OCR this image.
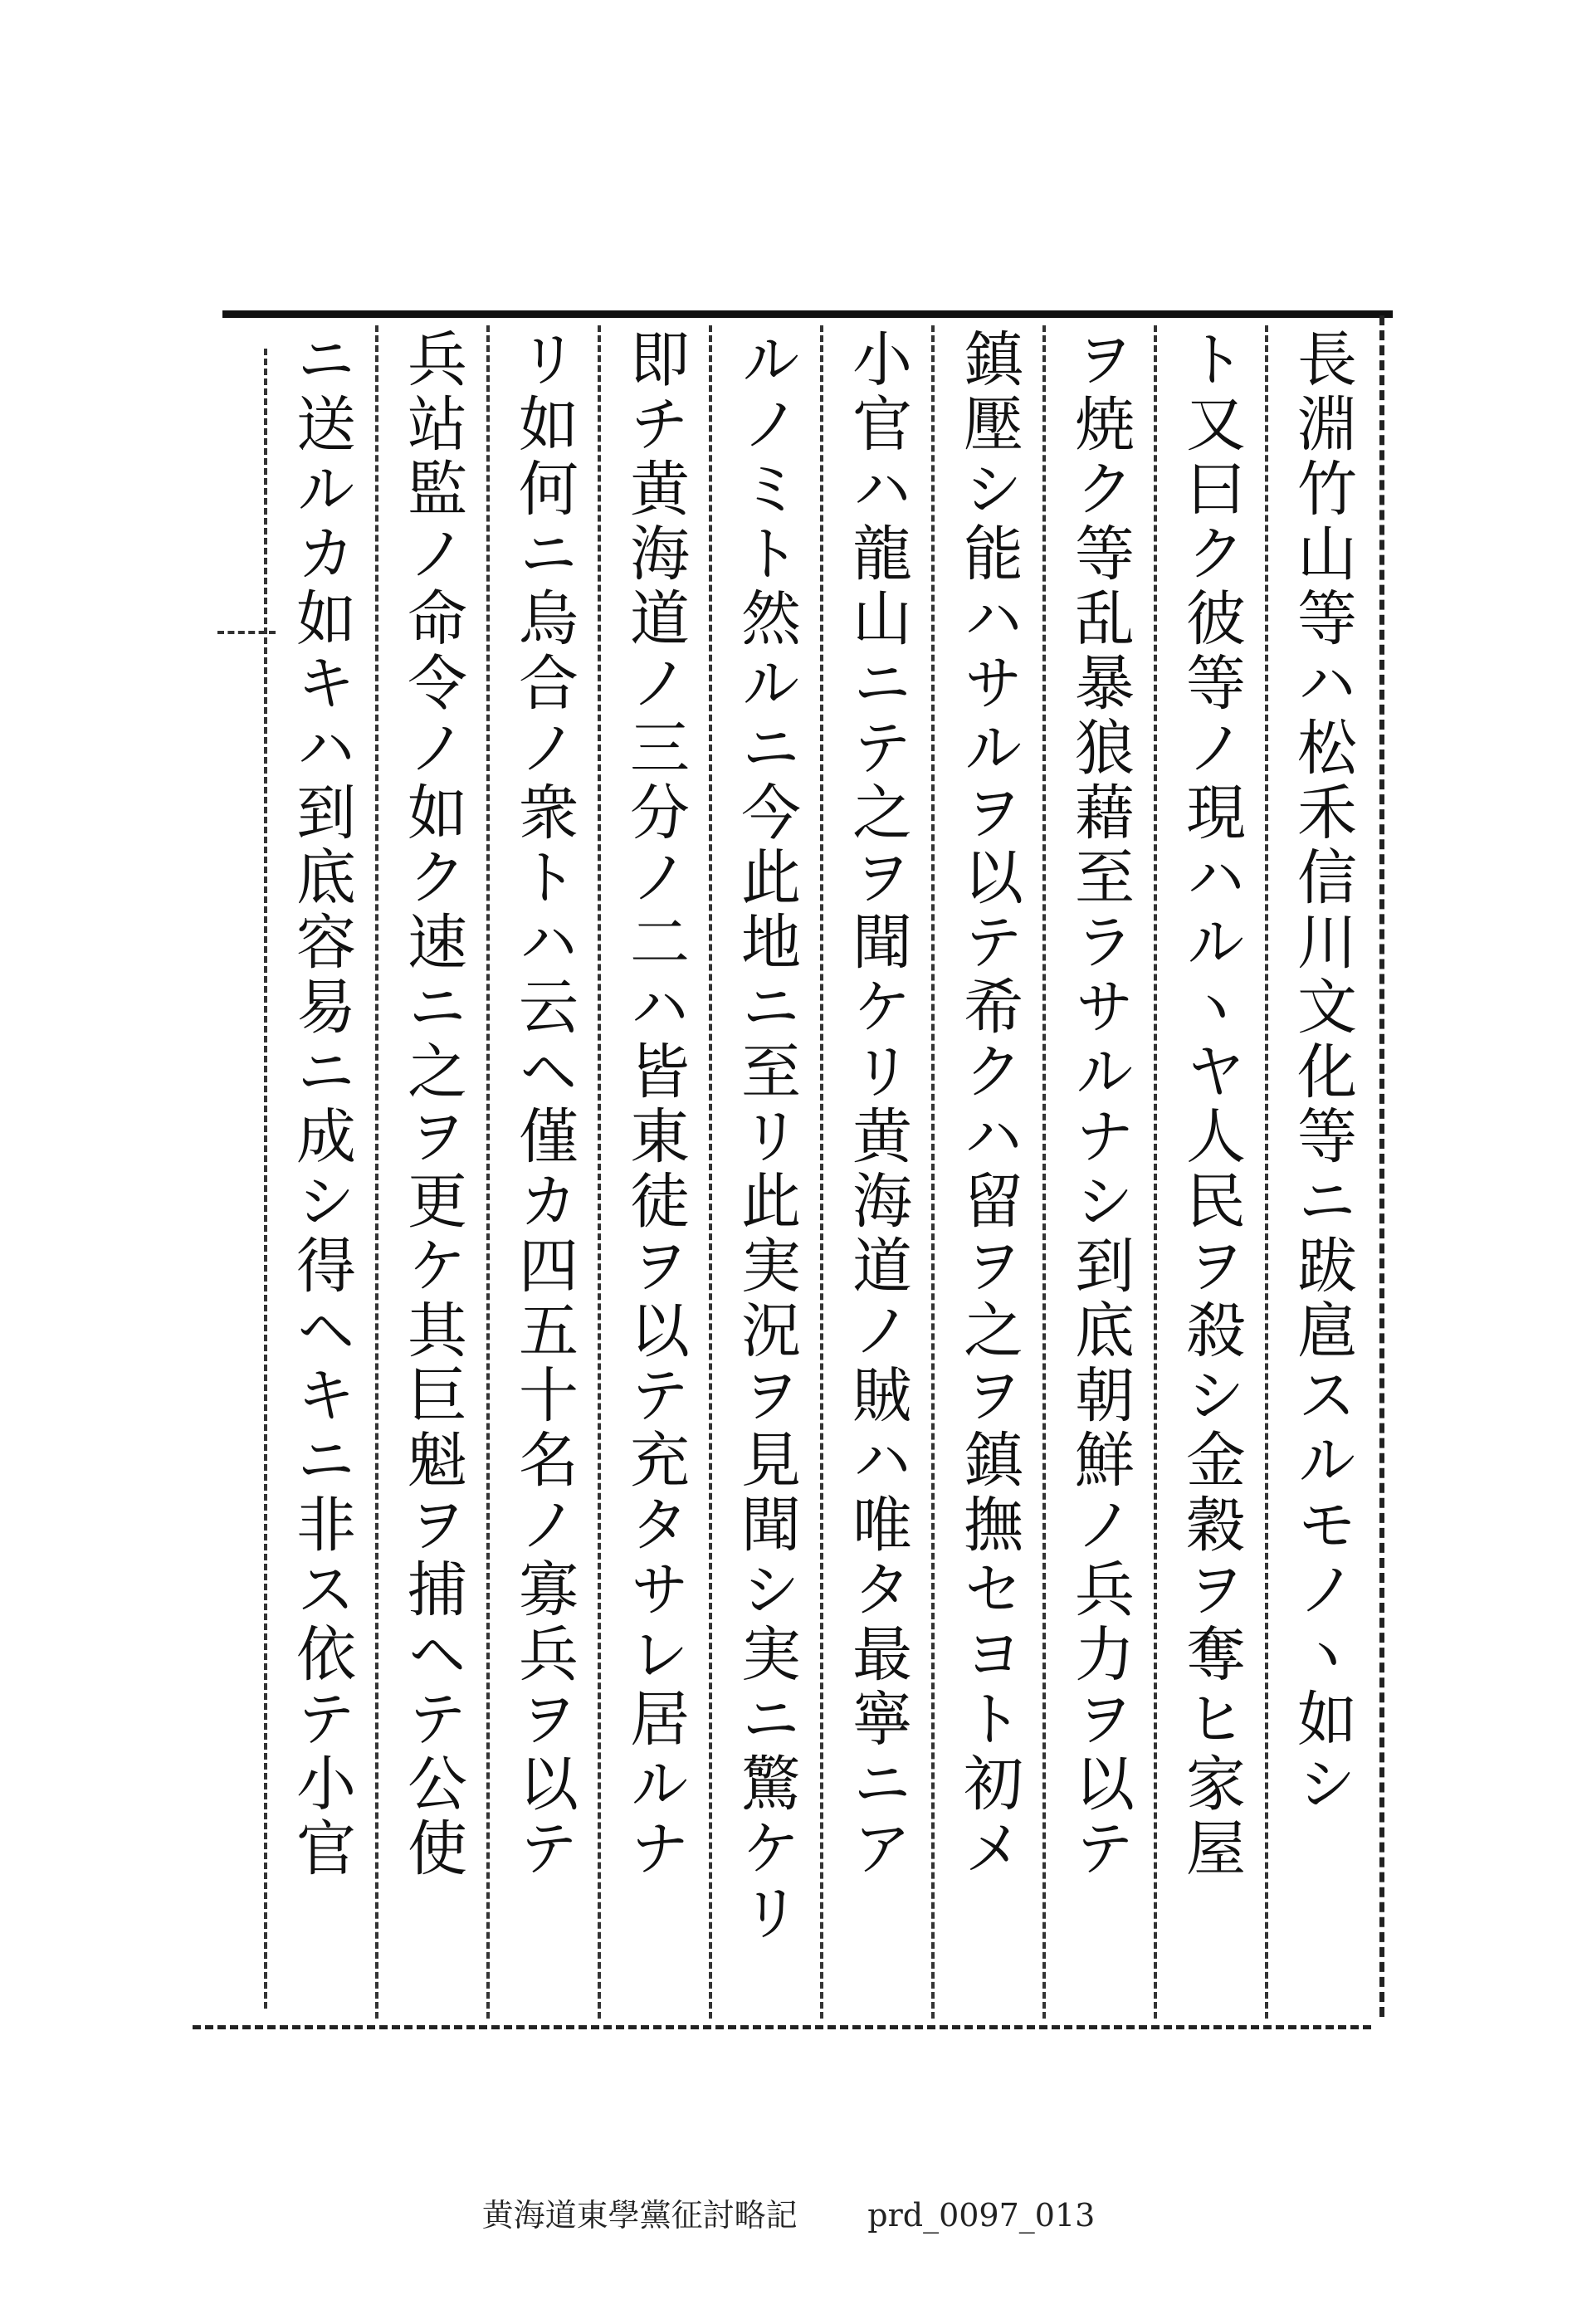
長淵竹山等ハ松禾信川文化等ニ跋扈スルモノヽ如シ
ト又曰ク彼等ノ現ハルヽヤ人民ヲ殺シ金穀ヲ奪ヒ家屋
ヲ焼ク等乱暴狼藉至ラサルナシ到底朝鮮ノ兵力ヲ以テ
鎮壓シ能ハサルヲ以テ希クハ留ヲ之ヲ鎮撫セヨト初メ
小官ハ龍山ニテ之ヲ聞ケリ黄海道ノ賊ハ唯タ最寧ニア
ルノミト然ルニ今此地ニ至リ此実況ヲ見聞シ実ニ驚ケリ
即チ黄海道ノ三分ノ二ハ皆東徒ヲ以テ充タサレ居ルナ
リ如何ニ烏合ノ衆トハ云ヘ僅カ四五十名ノ寡兵ヲ以テ
兵站監ノ命令ノ如ク速ニ之ヲ更ケ其巨魁ヲ捕ヘテ公使
ニ送ルカ如キハ到底容易ニ成シ得ヘキニ非ス依テ小官
黄海道東學黨征討略記 prd_0097_013
